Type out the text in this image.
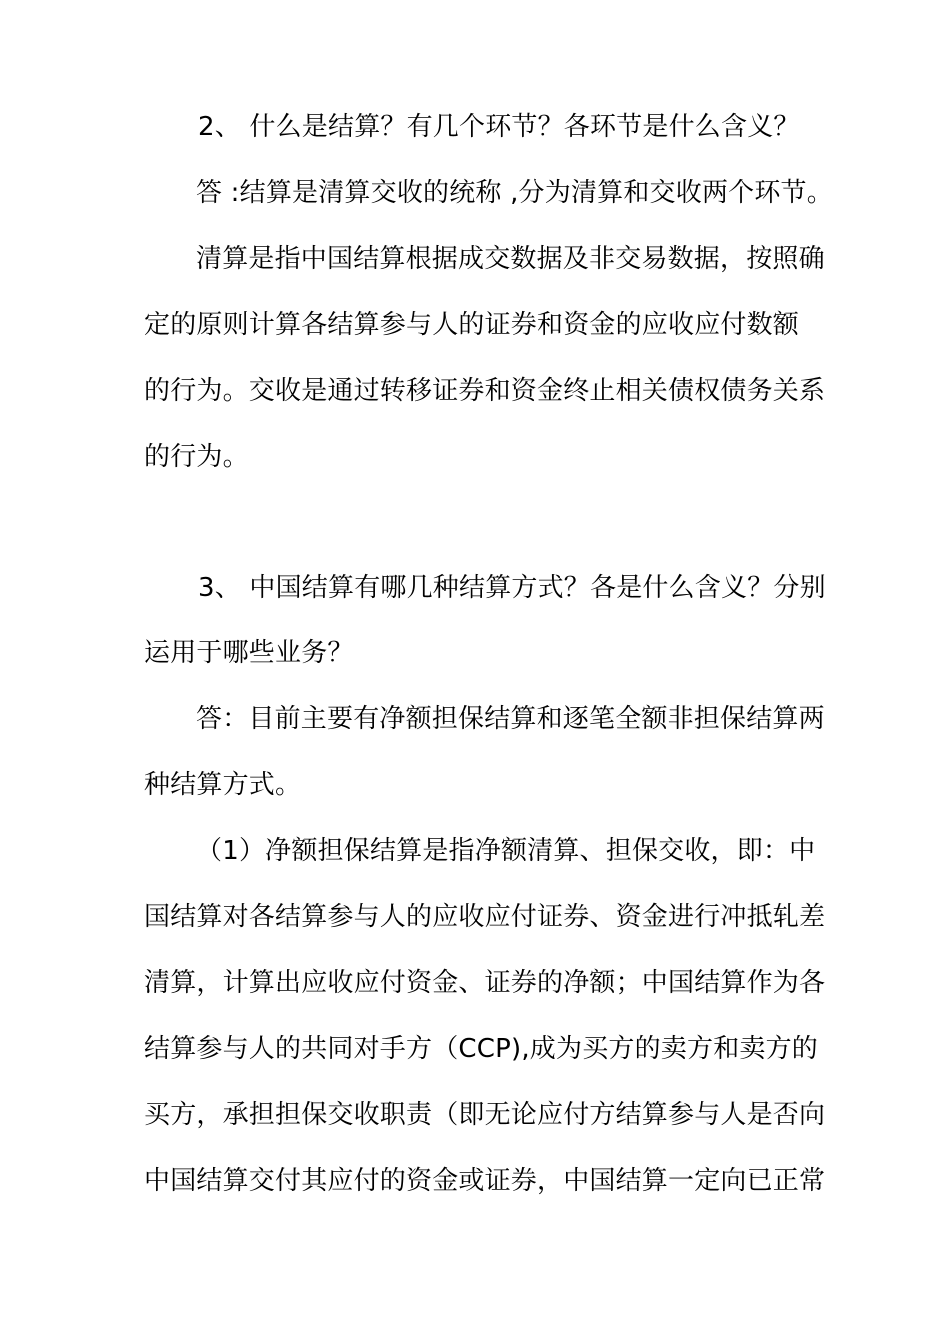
2、 什么是结算？有几个环节？各环节是什么含义？
答 :结算是清算交收的统称 ,分为清算和交收两个环节。
清算是指中国结算根据成交数据及非交易数据，按照确
定的原则计算各结算参与人的证券和资金的应收应付数额
的行为。交收是通过转移证券和资金终止相关债权债务关系
的行为。
3、 中国结算有哪几种结算方式？各是什么含义？分别
运用于哪些业务？
答：目前主要有净额担保结算和逐笔全额非担保结算两
种结算方式。
（1）净额担保结算是指净额清算、担保交收，即：中
国结算对各结算参与人的应收应付证券、资金进行冲抵轧差
清算，计算出应收应付资金、证券的净额；中国结算作为各
结算参与人的共同对手方（CCP),成为买方的卖方和卖方的
买方，承担担保交收职责（即无论应付方结算参与人是否向
中国结算交付其应付的资金或证券，中国结算一定向已正常
